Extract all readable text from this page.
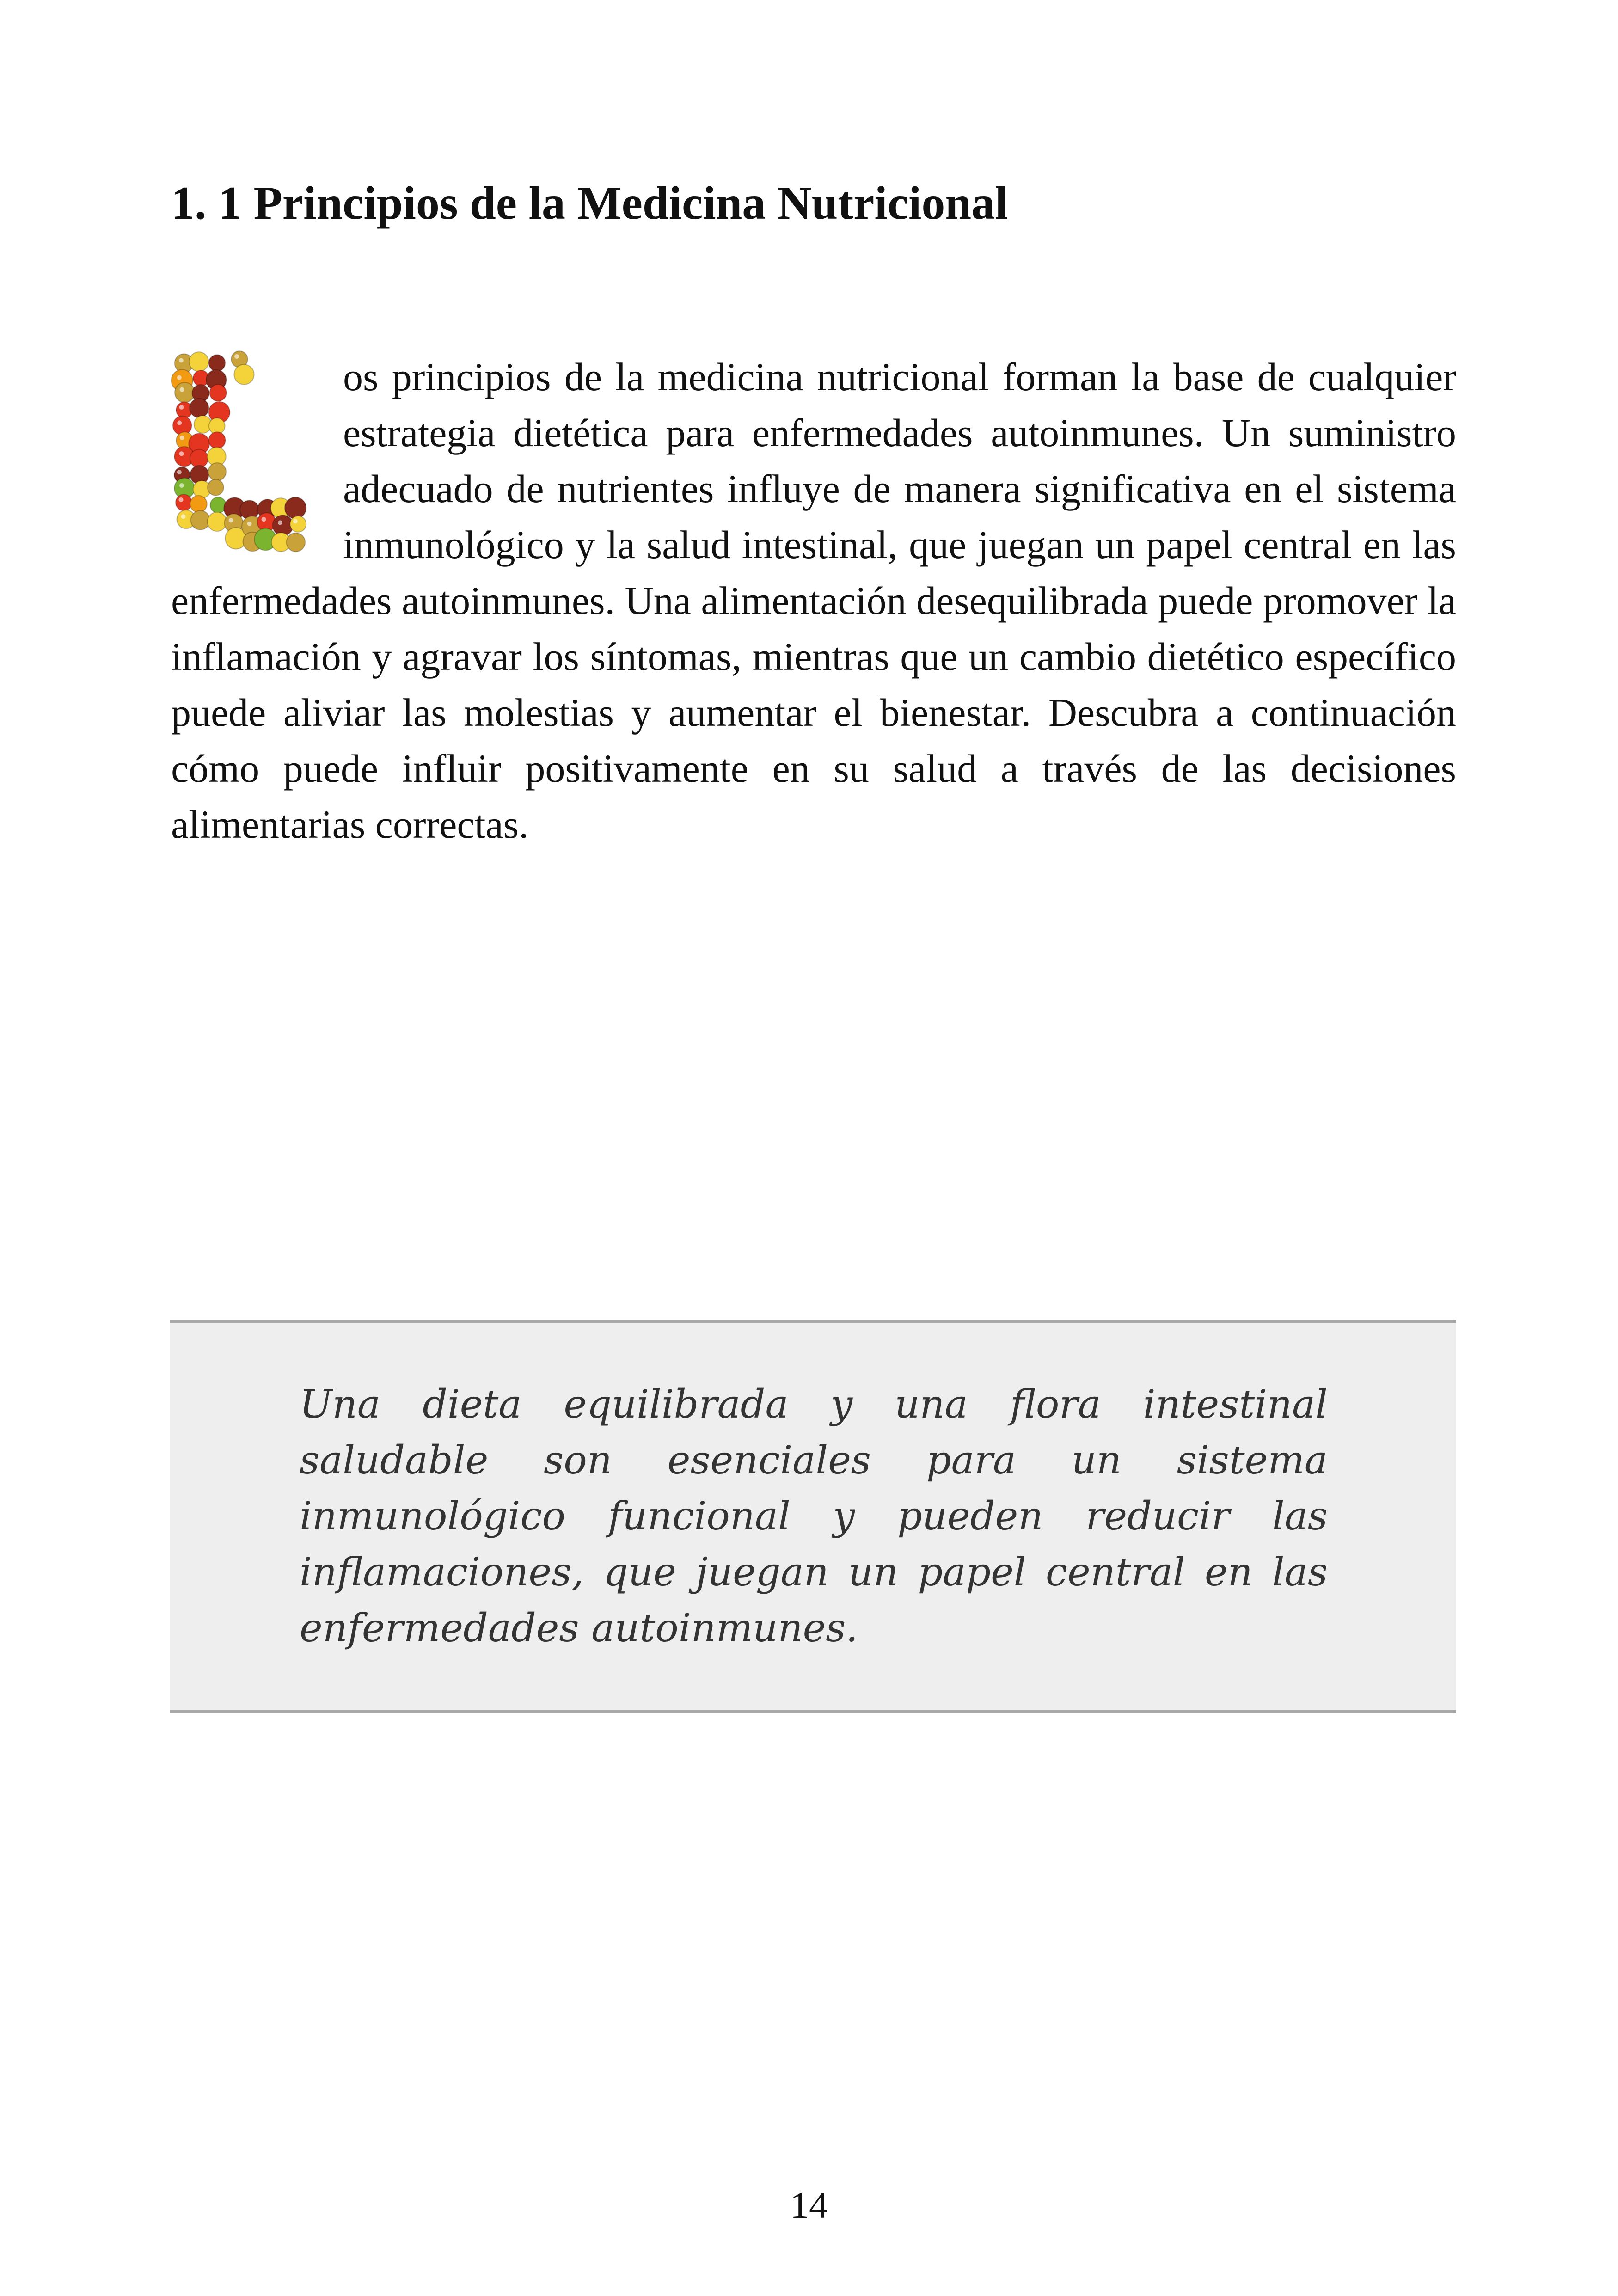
1. 1 Principios de la Medicina Nutricional

os principios de la medicina nutricional forman la base de cualquier estrategia dietética para enfermedades autoinmunes. Un suministro adecuado de nutrientes influye de manera significativa en el sistema inmunológico y la salud intestinal, que juegan un papel central en las enfermedades autoinmunes. Una alimentación desequilibrada puede promover la inflamación y agravar los síntomas, mientras que un cambio dietético específico puede aliviar las molestias y aumentar el bienestar. Descubra a continuación cómo puede influir positivamente en su salud a través de las decisiones alimentarias correctas.

Una dieta equilibrada y una flora intestinal saludable son esenciales para un sistema inmunológico funcional y pueden reducir las inflamaciones, que juegan un papel central en las enfermedades autoinmunes.

14
